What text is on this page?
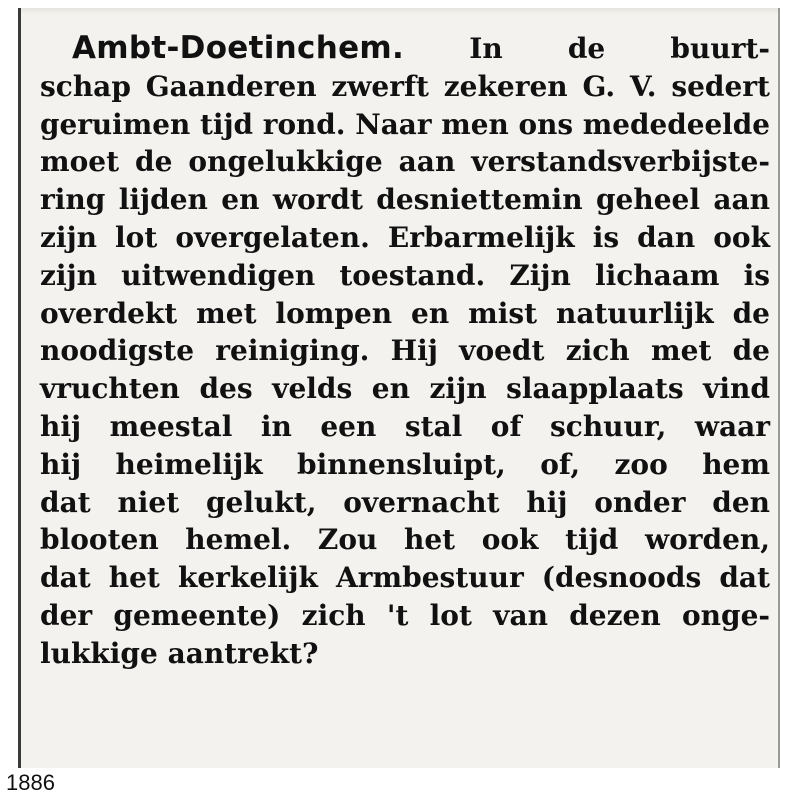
Ambt-Doetinchem. In de buurt-
schap Gaanderen zwerft zekeren G. V. sedert
geruimen tijd rond. Naar men ons mededeelde
moet de ongelukkige aan verstandsverbijste-
ring lijden en wordt desniettemin geheel aan
zijn lot overgelaten. Erbarmelijk is dan ook
zijn uitwendigen toestand. Zijn lichaam is
overdekt met lompen en mist natuurlijk de
noodigste reiniging. Hij voedt zich met de
vruchten des velds en zijn slaapplaats vind
hij meestal in een stal of schuur, waar
hij heimelijk binnensluipt, of, zoo hem
dat niet gelukt, overnacht hij onder den
blooten hemel. Zou het ook tijd worden,
dat het kerkelijk Armbestuur (desnoods dat
der gemeente) zich 't lot van dezen onge-
lukkige aantrekt?
1886
